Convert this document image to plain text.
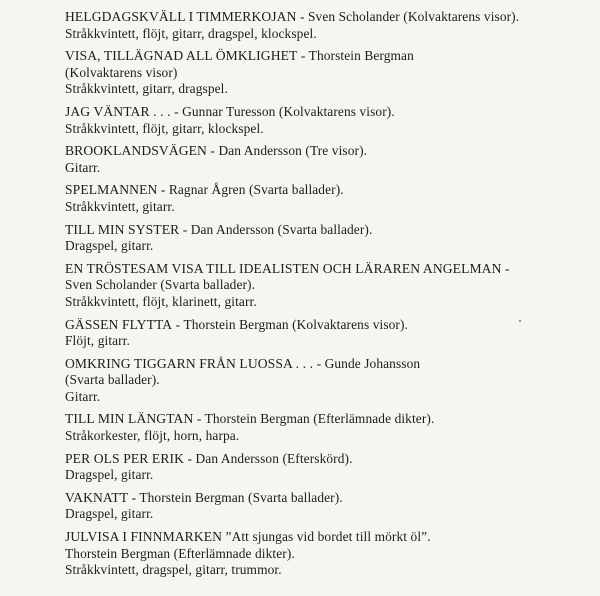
HELGDAGSKVÄLL I TIMMERKOJAN - Sven Scholander (Kolvaktarens visor).
Stråkkvintett, flöjt, gitarr, dragspel, klockspel.
VISA, TILLÄGNAD ALL ÖMKLIGHET - Thorstein Bergman
(Kolvaktarens visor)
Stråkkvintett, gitarr, dragspel.
JAG VÄNTAR . . . - Gunnar Turesson (Kolvaktarens visor).
Stråkkvintett, flöjt, gitarr, klockspel.
BROOKLANDSVÄGEN - Dan Andersson (Tre visor).
Gitarr.
SPELMANNEN - Ragnar Ågren (Svarta ballader).
Stråkkvintett, gitarr.
TILL MIN SYSTER - Dan Andersson (Svarta ballader).
Dragspel, gitarr.
EN TRÖSTESAM VISA TILL IDEALISTEN OCH LÄRAREN ANGELMAN -
Sven Scholander (Svarta ballader).
Stråkkvintett, flöjt, klarinett, gitarr.
GÄSSEN FLYTTA - Thorstein Bergman (Kolvaktarens visor).
Flöjt, gitarr.
OMKRING TIGGARN FRÅN LUOSSA . . . - Gunde Johansson
(Svarta ballader).
Gitarr.
TILL MIN LÄNGTAN - Thorstein Bergman (Efterlämnade dikter).
Stråkorkester, flöjt, horn, harpa.
PER OLS PER ERIK - Dan Andersson (Efterskörd).
Dragspel, gitarr.
VAKNATT - Thorstein Bergman (Svarta ballader).
Dragspel, gitarr.
JULVISA I FINNMARKEN ”Att sjungas vid bordet till mörkt öl”.
Thorstein Bergman (Efterlämnade dikter).
Stråkkvintett, dragspel, gitarr, trummor.
